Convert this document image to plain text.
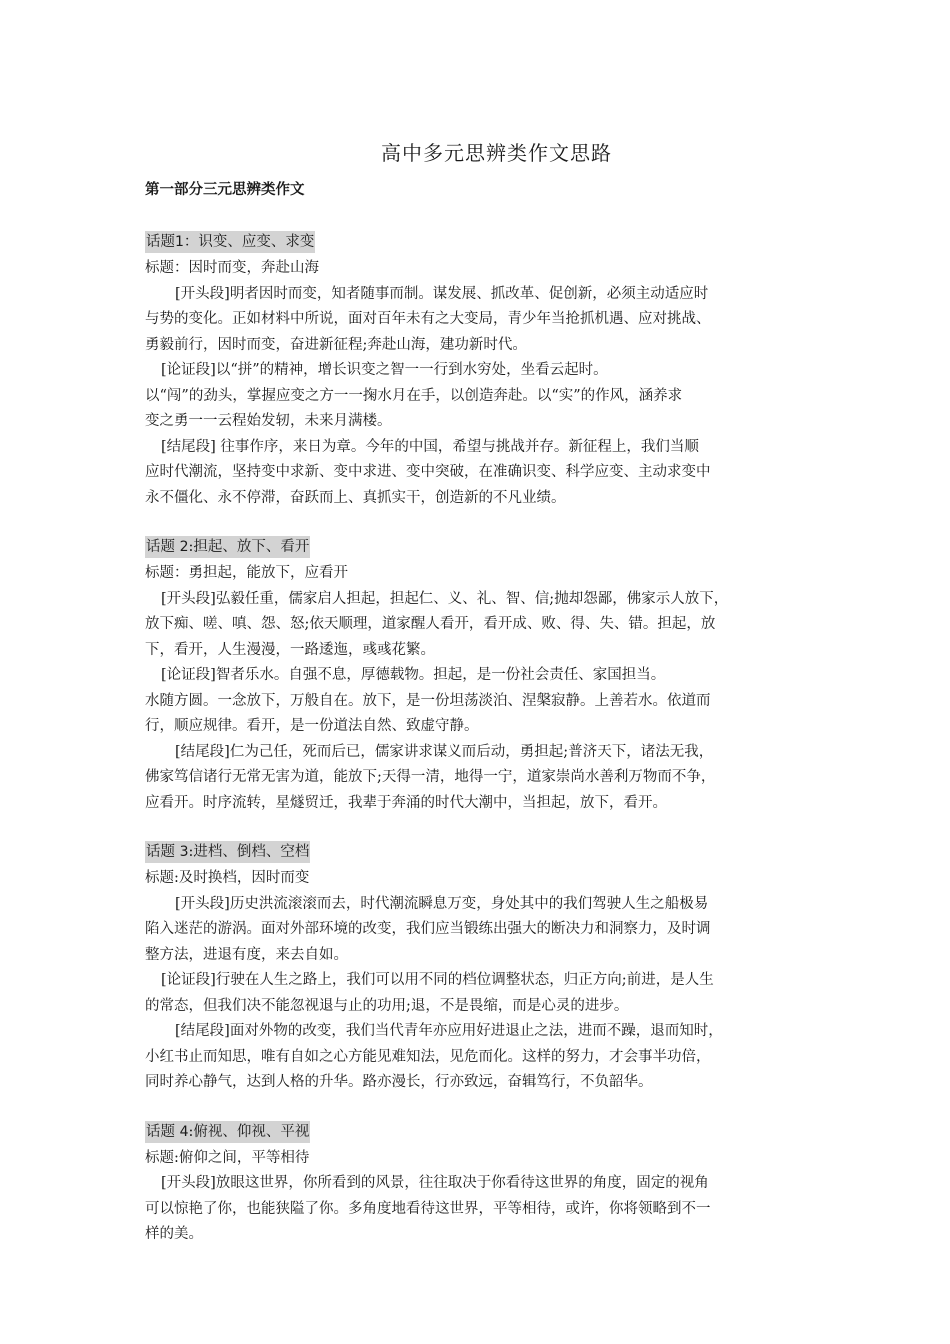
高中多元思辨类作文思路
第一部分三元思辨类作文
话题1：识变、应变、求变

标题：因时而变，奔赴山海

[开头段]明者因时而变，知者随事而制。谋发展、抓改革、促创新，必须主动适应时

与势的变化。正如材料中所说，面对百年未有之大变局，青少年当抢抓机遇、应对挑战、

勇毅前行，因时而变，奋进新征程;奔赴山海，建功新时代。

[论证段]以“拼”的精神，增长识变之智一一行到水穷处，坐看云起时。

以“闯”的劲头，掌握应变之方一一掬水月在手，以创造奔赴。以“实”的作风，涵养求

变之勇一一云程始发轫，未来月满楼。

[结尾段] 往事作序，来日为章。今年的中国，希望与挑战并存。新征程上，我们当顺

应时代潮流，坚持变中求新、变中求进、变中突破，在准确识变、科学应变、主动求变中

永不僵化、永不停滞，奋跃而上、真抓实干，创造新的不凡业绩。

话题 2:担起、放下、看开

标题：勇担起，能放下，应看开

[开头段]弘毅任重，儒家启人担起，担起仁、义、礼、智、信;抛却怨鄙，佛家示人放下，

放下痴、嗟、嗔、怨、怒;依天顺理，道家醒人看开，看开成、败、得、失、错。担起，放

下，看开，人生漫漫，一路逶迤，彧彧花繁。

[论证段]智者乐水。自强不息，厚德载物。担起，是一份社会责任、家国担当。

水随方圆。一念放下，万般自在。放下，是一份坦荡淡泊、涅槃寂静。上善若水。依道而

行，顺应规律。看开，是一份道法自然、致虚守静。

[结尾段]仁为己任，死而后已，儒家讲求谋义而后动，勇担起;普济天下，诸法无我，

佛家笃信诸行无常无害为道，能放下;天得一清，地得一宁，道家崇尚水善利万物而不争，

应看开。时序流转，星燧贸迁，我辈于奔涌的时代大潮中，当担起，放下，看开。

话题 3:进档、倒档、空档

标题:及时换档，因时而变

[开头段]历史洪流滚滚而去，时代潮流瞬息万变，身处其中的我们驾驶人生之船极易

陷入迷茫的游涡。面对外部环境的改变，我们应当锻练出强大的断决力和洞察力，及时调

整方法，进退有度，来去自如。

[论证段]行驶在人生之路上，我们可以用不同的档位调整状态，归正方向;前进，是人生

的常态，但我们决不能忽视退与止的功用;退，不是畏缩，而是心灵的进步。

[结尾段]面对外物的改变，我们当代青年亦应用好进退止之法，进而不躁，退而知时，

小红书止而知思，唯有自如之心方能见难知法，见危而化。这样的努力，才会事半功倍，

同时养心静气，达到人格的升华。路亦漫长，行亦致远，奋辑笃行，不负韶华。

话题 4:俯视、仰视、平视

标题:俯仰之间，平等相待

[开头段]放眼这世界，你所看到的风景，往往取决于你看待这世界的角度，固定的视角

可以惊艳了你，也能狭隘了你。多角度地看待这世界，平等相待，或许，你将领略到不一

样的美。
